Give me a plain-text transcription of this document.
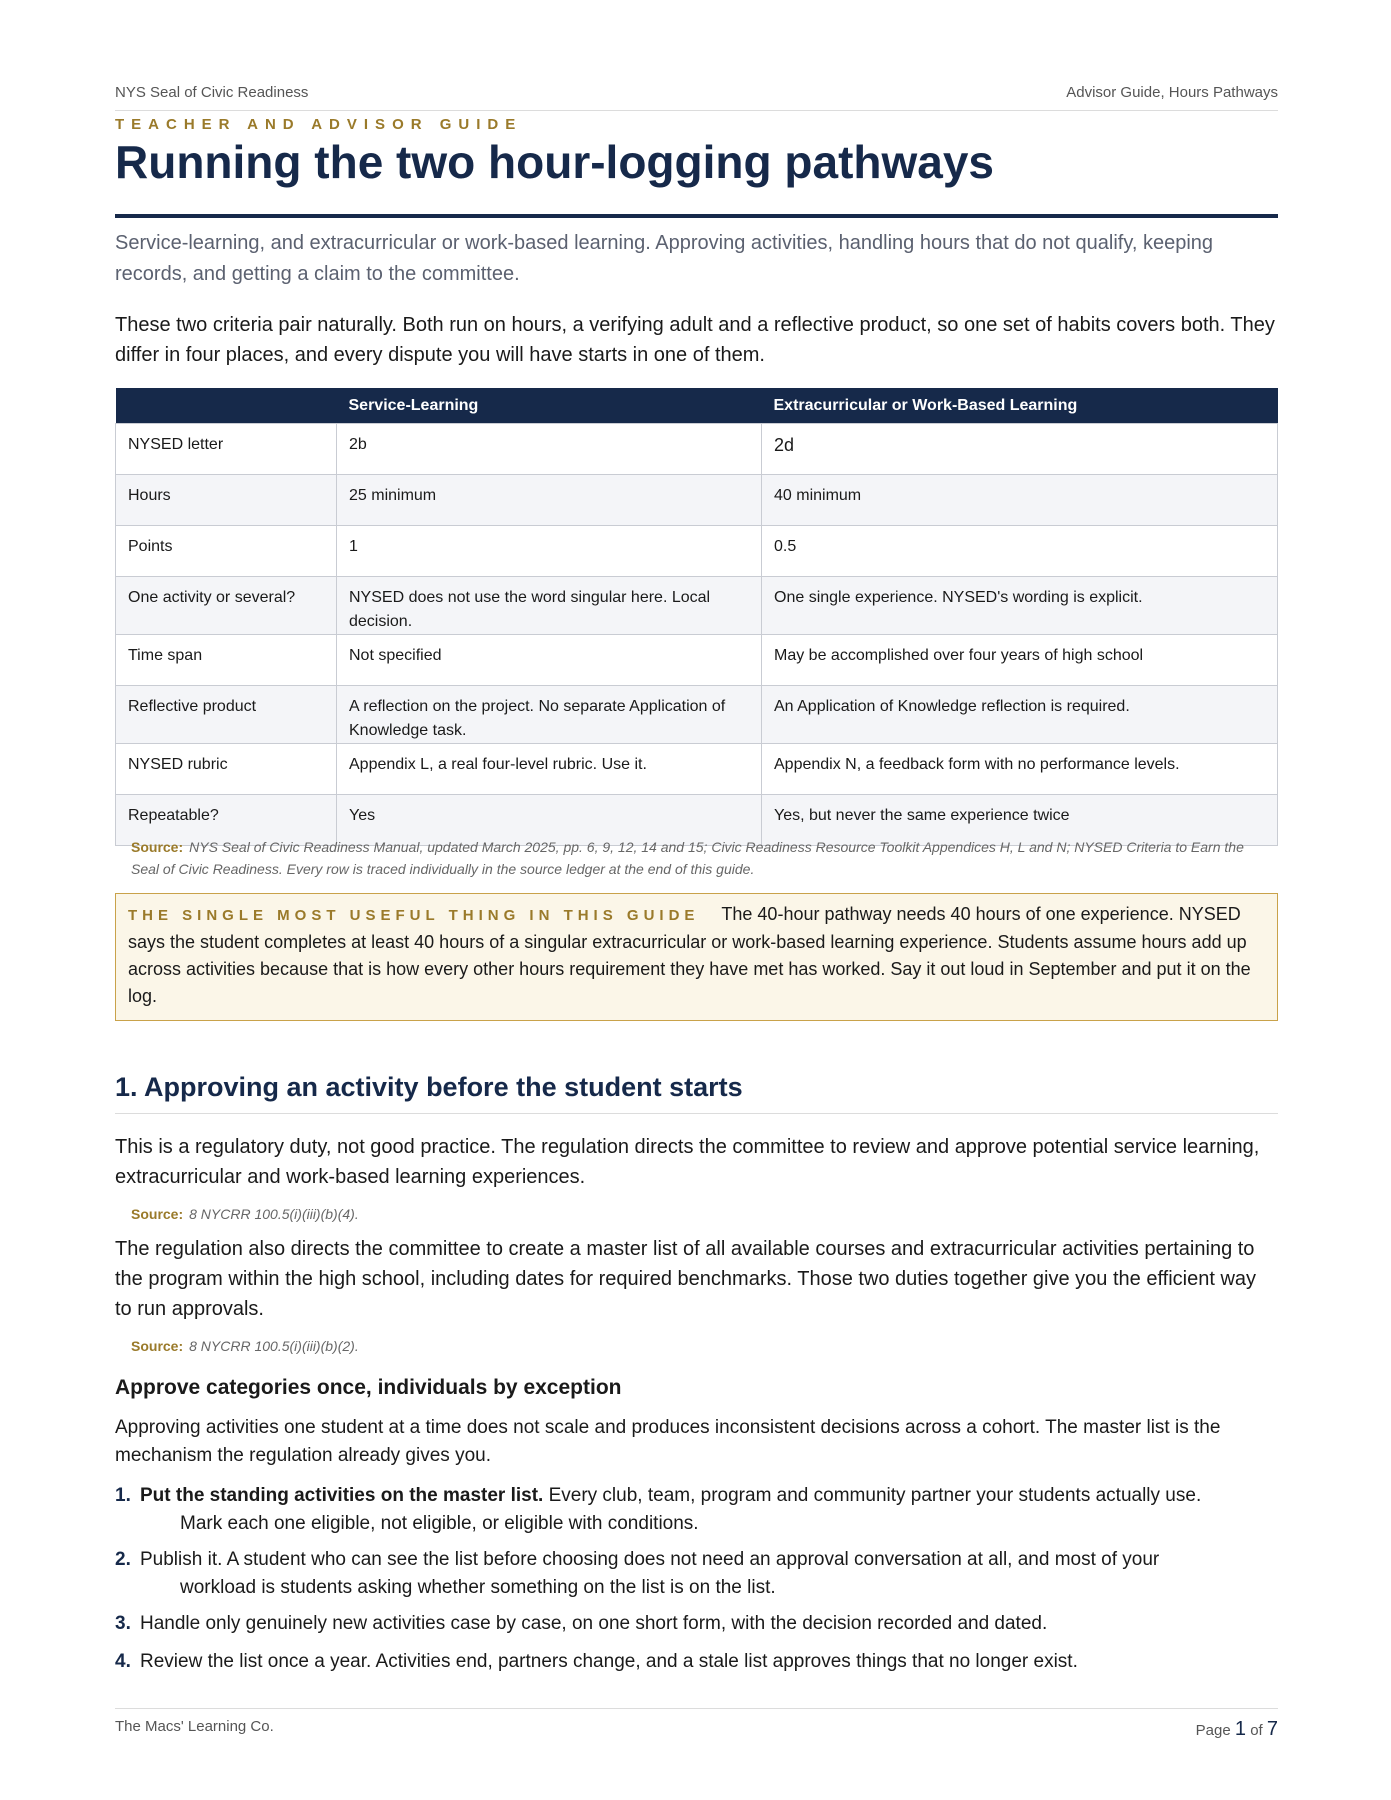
NYS Seal of Civic Readiness	Advisor Guide, Hours Pathways
TEACHER AND ADVISOR GUIDE
Running the two hour-logging pathways

Service-learning, and extracurricular or work-based learning. Approving activities, handling hours that do not qualify, keeping records, and getting a claim to the committee.

These two criteria pair naturally. Both run on hours, a verifying adult and a reflective product, so one set of habits covers both. They differ in four places, and every dispute you will have starts in one of them.

	Service-Learning	Extracurricular or Work-Based Learning
NYSED letter	2b	2d
Hours	25 minimum	40 minimum
Points	1	0.5
One activity or several?	NYSED does not use the word singular here. Local decision.	One single experience. NYSED's wording is explicit.
Time span	Not specified	May be accomplished over four years of high school
Reflective product	A reflection on the project. No separate Application of Knowledge task.	An Application of Knowledge reflection is required.
NYSED rubric	Appendix L, a real four-level rubric. Use it.	Appendix N, a feedback form with no performance levels.
Repeatable?	Yes	Yes, but never the same experience twice
Source: NYS Seal of Civic Readiness Manual, updated March 2025, pp. 6, 9, 12, 14 and 15; Civic Readiness Resource Toolkit Appendices H, L and N; NYSED Criteria to Earn the Seal of Civic Readiness. Every row is traced individually in the source ledger at the end of this guide.
THE SINGLE MOST USEFUL THING IN THIS GUIDE The 40-hour pathway needs 40 hours of one experience. NYSED says the student completes at least 40 hours of a singular extracurricular or work-based learning experience. Students assume hours add up across activities because that is how every other hours requirement they have met has worked. Say it out loud in September and put it on the log.
1. Approving an activity before the student starts

This is a regulatory duty, not good practice. The regulation directs the committee to review and approve potential service learning, extracurricular and work-based learning experiences.

Source: 8 NYCRR 100.5(i)(iii)(b)(4).

The regulation also directs the committee to create a master list of all available courses and extracurricular activities pertaining to the program within the high school, including dates for required benchmarks. Those two duties together give you the efficient way to run approvals.

Source: 8 NYCRR 100.5(i)(iii)(b)(2).
Approve categories once, individuals by exception

Approving activities one student at a time does not scale and produces inconsistent decisions across a cohort. The master list is the mechanism the regulation already gives you.

1. Put the standing activities on the master list. Every club, team, program and community partner your students actually use.
Mark each one eligible, not eligible, or eligible with conditions.
2. Publish it. A student who can see the list before choosing does not need an approval conversation at all, and most of your
workload is students asking whether something on the list is on the list.
3. Handle only genuinely new activities case by case, on one short form, with the decision recorded and dated.
4. Review the list once a year. Activities end, partners change, and a stale list approves things that no longer exist.
The Macs' Learning Co.	Page 1 of 7
